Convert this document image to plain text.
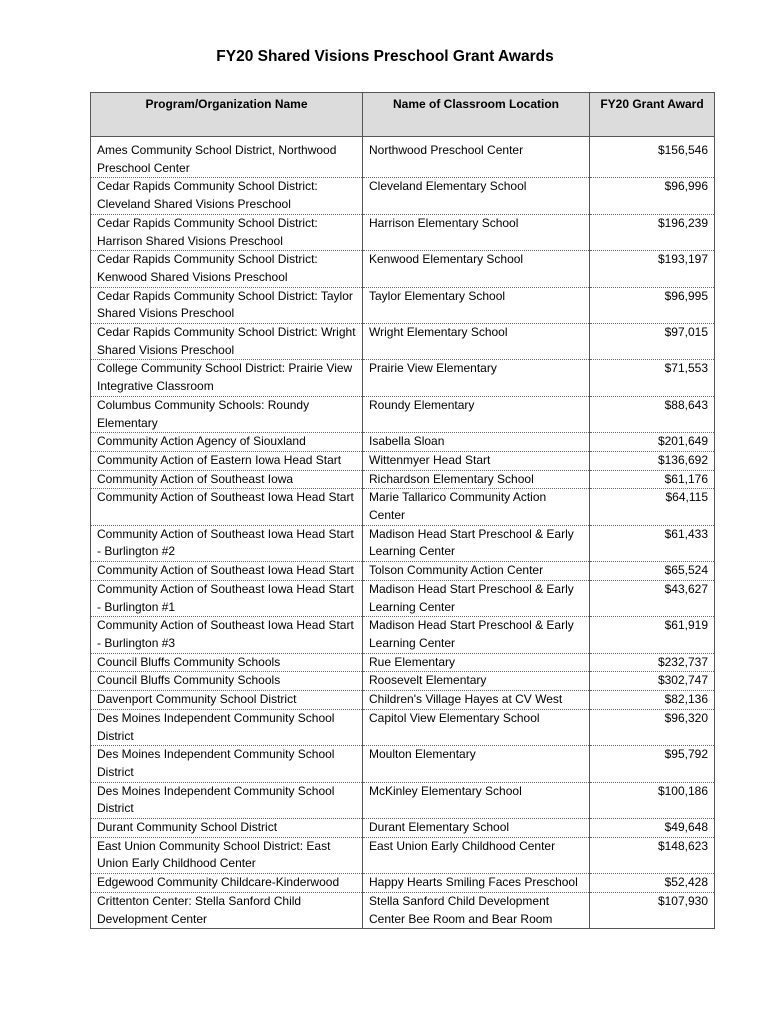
FY20 Shared Visions Preschool Grant Awards
Program/Organization Name	Name of Classroom Location	FY20 Grant Award

Ames Community School District, Northwood Preschool Center	Northwood Preschool Center	$156,546
Cedar Rapids Community School District: Cleveland Shared Visions Preschool	Cleveland Elementary School	$96,996
Cedar Rapids Community School District: Harrison Shared Visions Preschool	Harrison Elementary School	$196,239
Cedar Rapids Community School District: Kenwood Shared Visions Preschool	Kenwood Elementary School	$193,197
Cedar Rapids Community School District: Taylor Shared Visions Preschool	Taylor Elementary School	$96,995
Cedar Rapids Community School District: Wright Shared Visions Preschool	Wright Elementary School	$97,015
College Community School District: Prairie View Integrative Classroom	Prairie View Elementary	$71,553
Columbus Community Schools: Roundy Elementary	Roundy Elementary	$88,643
Community Action Agency of Siouxland	Isabella Sloan	$201,649
Community Action of Eastern Iowa Head Start	Wittenmyer Head Start	$136,692
Community Action of Southeast Iowa	Richardson Elementary School	$61,176
Community Action of Southeast Iowa Head Start	Marie Tallarico Community Action Center	$64,115
Community Action of Southeast Iowa Head Start - Burlington #2	Madison Head Start Preschool & Early Learning Center	$61,433
Community Action of Southeast Iowa Head Start	Tolson Community Action Center	$65,524
Community Action of Southeast Iowa Head Start - Burlington #1	Madison Head Start Preschool & Early Learning Center	$43,627
Community Action of Southeast Iowa Head Start - Burlington #3	Madison Head Start Preschool & Early Learning Center	$61,919
Council Bluffs Community Schools	Rue Elementary	$232,737
Council Bluffs Community Schools	Roosevelt Elementary	$302,747
Davenport Community School District	Children's Village Hayes at CV West	$82,136
Des Moines Independent Community School District	Capitol View Elementary School	$96,320
Des Moines Independent Community School District	Moulton Elementary	$95,792
Des Moines Independent Community School District	McKinley Elementary School	$100,186
Durant Community School District	Durant Elementary School	$49,648
East Union Community School District: East Union Early Childhood Center	East Union Early Childhood Center	$148,623
Edgewood Community Childcare-Kinderwood	Happy Hearts Smiling Faces Preschool	$52,428
Crittenton Center: Stella Sanford Child Development Center	Stella Sanford Child Development Center Bee Room and Bear Room	$107,930
